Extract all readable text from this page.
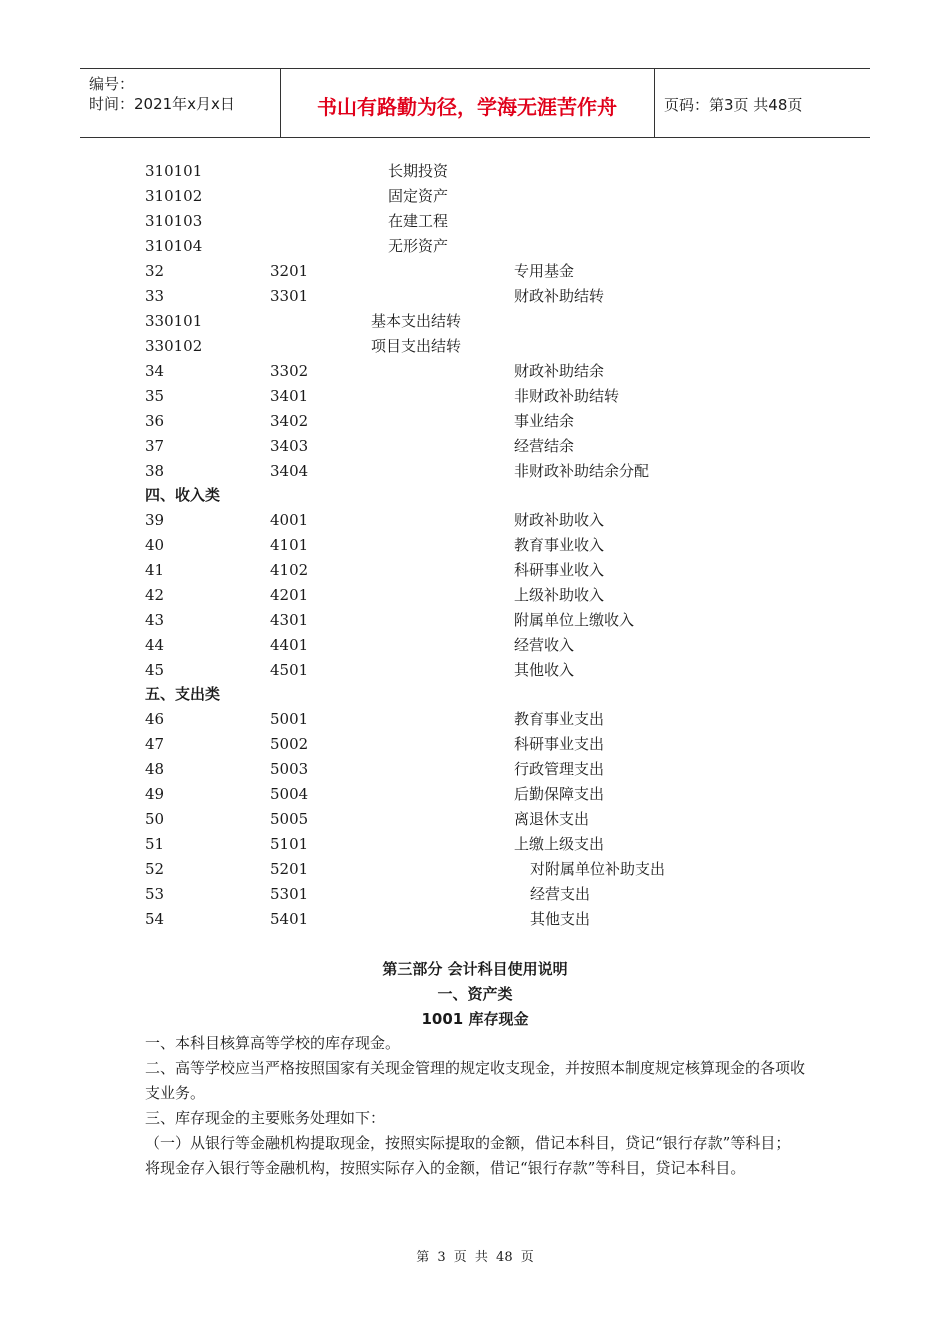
编号：
时间：2021年x月x日	书山有路勤为径，学海无涯苦作舟	页码：第3页 共48页
310101	长期投资
310102	固定资产
310103	在建工程
310104	无形资产
32	3201	专用基金
33	3301	财政补助结转
330101	基本支出结转
330102	项目支出结转
34	3302	财政补助结余
35	3401	非财政补助结转
36	3402	事业结余
37	3403	经营结余
38	3404	非财政补助结余分配
四、收入类
39	4001	财政补助收入
40	4101	教育事业收入
41	4102	科研事业收入
42	4201	上级补助收入
43	4301	附属单位上缴收入
44	4401	经营收入
45	4501	其他收入
五、支出类
46	5001	教育事业支出
47	5002	科研事业支出
48	5003	行政管理支出
49	5004	后勤保障支出
50	5005	离退休支出
51	5101	上缴上级支出
52	5201	对附属单位补助支出
53	5301	经营支出
54	5401	其他支出
第三部分 会计科目使用说明
一、资产类
1001 库存现金
一、本科目核算高等学校的库存现金。
二、高等学校应当严格按照国家有关现金管理的规定收支现金，并按照本制度规定核算现金的各项收支业务。
三、库存现金的主要账务处理如下：
（一）从银行等金融机构提取现金，按照实际提取的金额，借记本科目，贷记“银行存款”等科目；将现金存入银行等金融机构，按照实际存入的金额，借记“银行存款”等科目，贷记本科目。
第 3 页 共 48 页
